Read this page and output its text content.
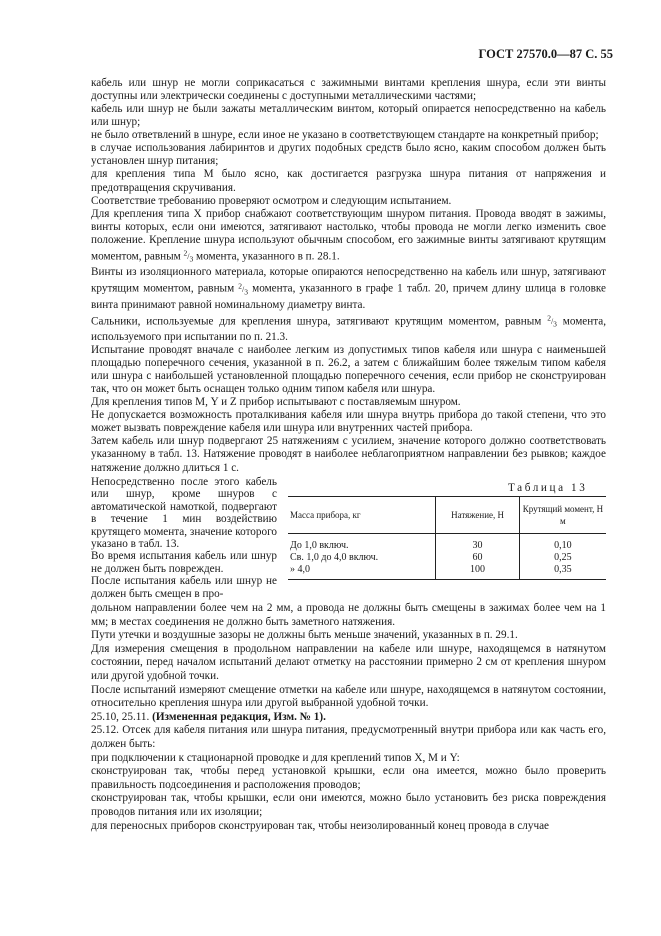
ГОСТ 27570.0—87 С. 55

кабель или шнур не могли соприкасаться с зажимными винтами крепления шнура, если эти винты доступны или электрически соединены с доступными металлическими частями;

кабель или шнур не были зажаты металлическим винтом, который опирается непосредственно на кабель или шнур;

не было ответвлений в шнуре, если иное не указано в соответствующем стандарте на конкретный прибор;

в случае использования лабиринтов и других подобных средств было ясно, каким способом должен быть установлен шнур питания;

для крепления типа М было ясно, как достигается разгрузка шнура питания от напряжения и предотвращения скручивания.

Соответствие требованию проверяют осмотром и следующим испытанием.

Для крепления типа X прибор снабжают соответствующим шнуром питания. Провода вводят в зажимы, винты которых, если они имеются, затягивают настолько, чтобы провода не могли легко изменить свое положение. Крепление шнура используют обычным способом, его зажимные винты затягивают крутящим моментом, равным $^2/_3$ момента, указанного в п. 28.1.

Винты из изоляционного материала, которые опираются непосредственно на кабель или шнур, затягивают крутящим моментом, равным $^2/_3$ момента, указанного в графе 1 табл. 20, причем длину шлица в головке винта принимают равной номинальному диаметру винта.

Сальники, используемые для крепления шнура, затягивают крутящим моментом, равным $^2/_3$ момента, используемого при испытании по п. 21.3.

Испытание проводят вначале с наиболее легким из допустимых типов кабеля или шнура с наименьшей площадью поперечного сечения, указанной в п. 26.2, а затем с ближайшим более тяжелым типом кабеля или шнура с наибольшей установленной площадью поперечного сечения, если прибор не сконструирован так, что он может быть оснащен только одним типом кабеля или шнура.

Для крепления типов М, Y и Z прибор испытывают с поставляемым шнуром.

Не допускается возможность проталкивания кабеля или шнура внутрь прибора до такой степени, что это может вызвать повреждение кабеля или шнура или внутренних частей прибора.

Затем кабель или шнур подвергают 25 натяжениям с усилием, значение которого должно соответствовать указанному в табл. 13. Натяжение проводят в наиболее неблагоприятном направлении без рывков; каждое натяжение должно длиться 1 с.

Непосредственно после этого кабель или шнур, кроме шнуров с автоматической намоткой, подвергают в течение 1 мин воздействию крутящего момента, значение которого указано в табл. 13.

Во время испытания кабель или шнур не должен быть поврежден.

После испытания кабель или шнур не должен быть смещен в про-

Таблица 13
Масса прибора, кг	Натяжение, Н	Крутящий момент, Н м
До 1,0 включ.	30	0,10
Св. 1,0 до 4,0 включ.	60	0,25
» 4,0	100	0,35

дольном направлении более чем на 2 мм, а провода не должны быть смещены в зажимах более чем на 1 мм; в местах соединения не должно быть заметного натяжения.

Пути утечки и воздушные зазоры не должны быть меньше значений, указанных в п. 29.1.

Для измерения смещения в продольном направлении на кабеле или шнуре, находящемся в натянутом состоянии, перед началом испытаний делают отметку на расстоянии примерно 2 см от крепления шнуром или другой удобной точки.

После испытаний измеряют смещение отметки на кабеле или шнуре, находящемся в натянутом состоянии, относительно крепления шнура или другой выбранной удобной точки.

25.10, 25.11. (Измененная редакция, Изм. № 1).

25.12. Отсек для кабеля питания или шнура питания, предусмотренный внутри прибора или как часть его, должен быть:

при подключении к стационарной проводке и для креплений типов X, M и Y:

сконструирован так, чтобы перед установкой крышки, если она имеется, можно было проверить правильность подсоединения и расположения проводов;

сконструирован так, чтобы крышки, если они имеются, можно было установить без риска повреждения проводов питания или их изоляции;

для переносных приборов сконструирован так, чтобы неизолированный конец провода в случае
